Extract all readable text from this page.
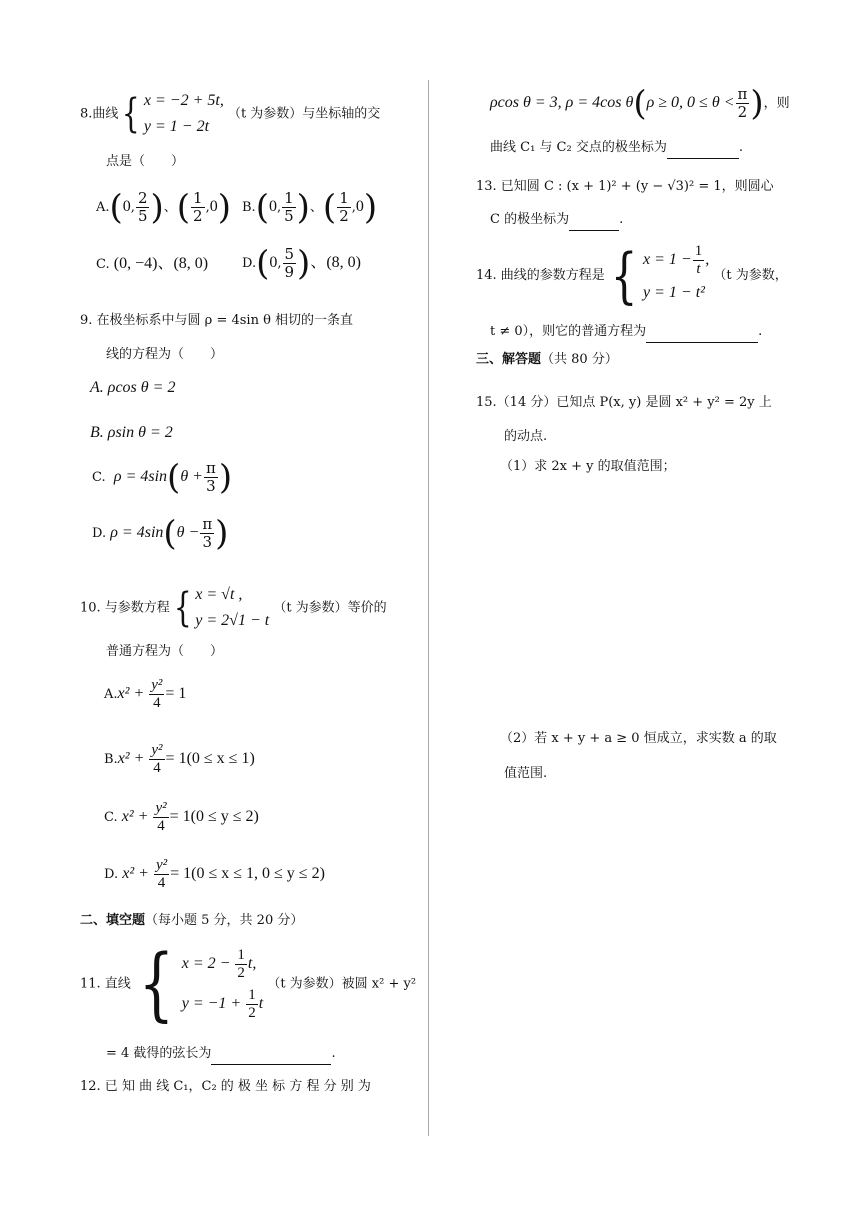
8.曲线{ x = −2 + 5t,
y = 1 − 2t
（t 为参数）与坐标轴的交
点是（　　）
A.(0, $\frac{2}{5}$ )、( $\frac{1}{2} ,0$) B.(0, $\frac{1}{5}$ )、( $\frac{1}{2} ,0$)
C. (0, −4)、(8, 0)	D.(0, $\frac{5}{9}$ )、(8, 0)
9. 在极坐标系中与圆 ρ = 4sin θ 相切的一条直
线的方程为（　　）
A. ρcos θ = 2
B. ρsin θ = 2
C. $\rho = 4\sin(\theta + \frac{\pi}{3}$ )
D. $\rho = 4\sin(\theta - \frac{\pi}{3}$ )
10. 与参数方程{ x = √t ,
y = 2√1 − t
（t 为参数）等价的
普通方程为（　　）
$A.x^2 + \frac{\text{y²}}{4} = 1$
$B.x^2 + \frac{\text{y²}}{4} = 1(0 \le x \le 1)$
C. $x^2 + \frac{\text{y²}}{4} = 1(0 \le y \le 2)$
D. $x^2 + \frac{\text{y²}}{4} = 1(0 \le x \le 1$, 0 ≤ y ≤ 2)
二、填空题（每小题 5 分，共 20 分）
11. 直线{ $x = 2 - \frac{1}{2} t$,
$y = -1 + \frac{1}{2}$ t
（t 为参数）被圆 x² + y²
= 4 截得的弦长为	.
12. 已 知 曲 线 C₁，C₂ 的 极 坐 标 方 程 分 别 为
ρcos θ = 3, ρ = 4cos θ(ρ ≥ 0, $0 \le \theta < \frac{\pi}{2}$ )，则
曲线 C₁ 与 C₂ 交点的极坐标为	.
13. 已知圆 C : (x + 1)² + (y − √3)² = 1，则圆心
C 的极坐标为	.
14. 曲线的参数方程是{ $x = 1 - \frac{1}{t}$ ,
y = 1 − t²
（t 为参数，
t ≠ 0），则它的普通方程为	.
三、解答题（共 80 分）
15.（14 分）已知点 P(x, y) 是圆 x² + y² = 2y 上
的动点.
（1）求 2x + y 的取值范围；
（2）若 x + y + a ≥ 0 恒成立，求实数 a 的取
值范围.
